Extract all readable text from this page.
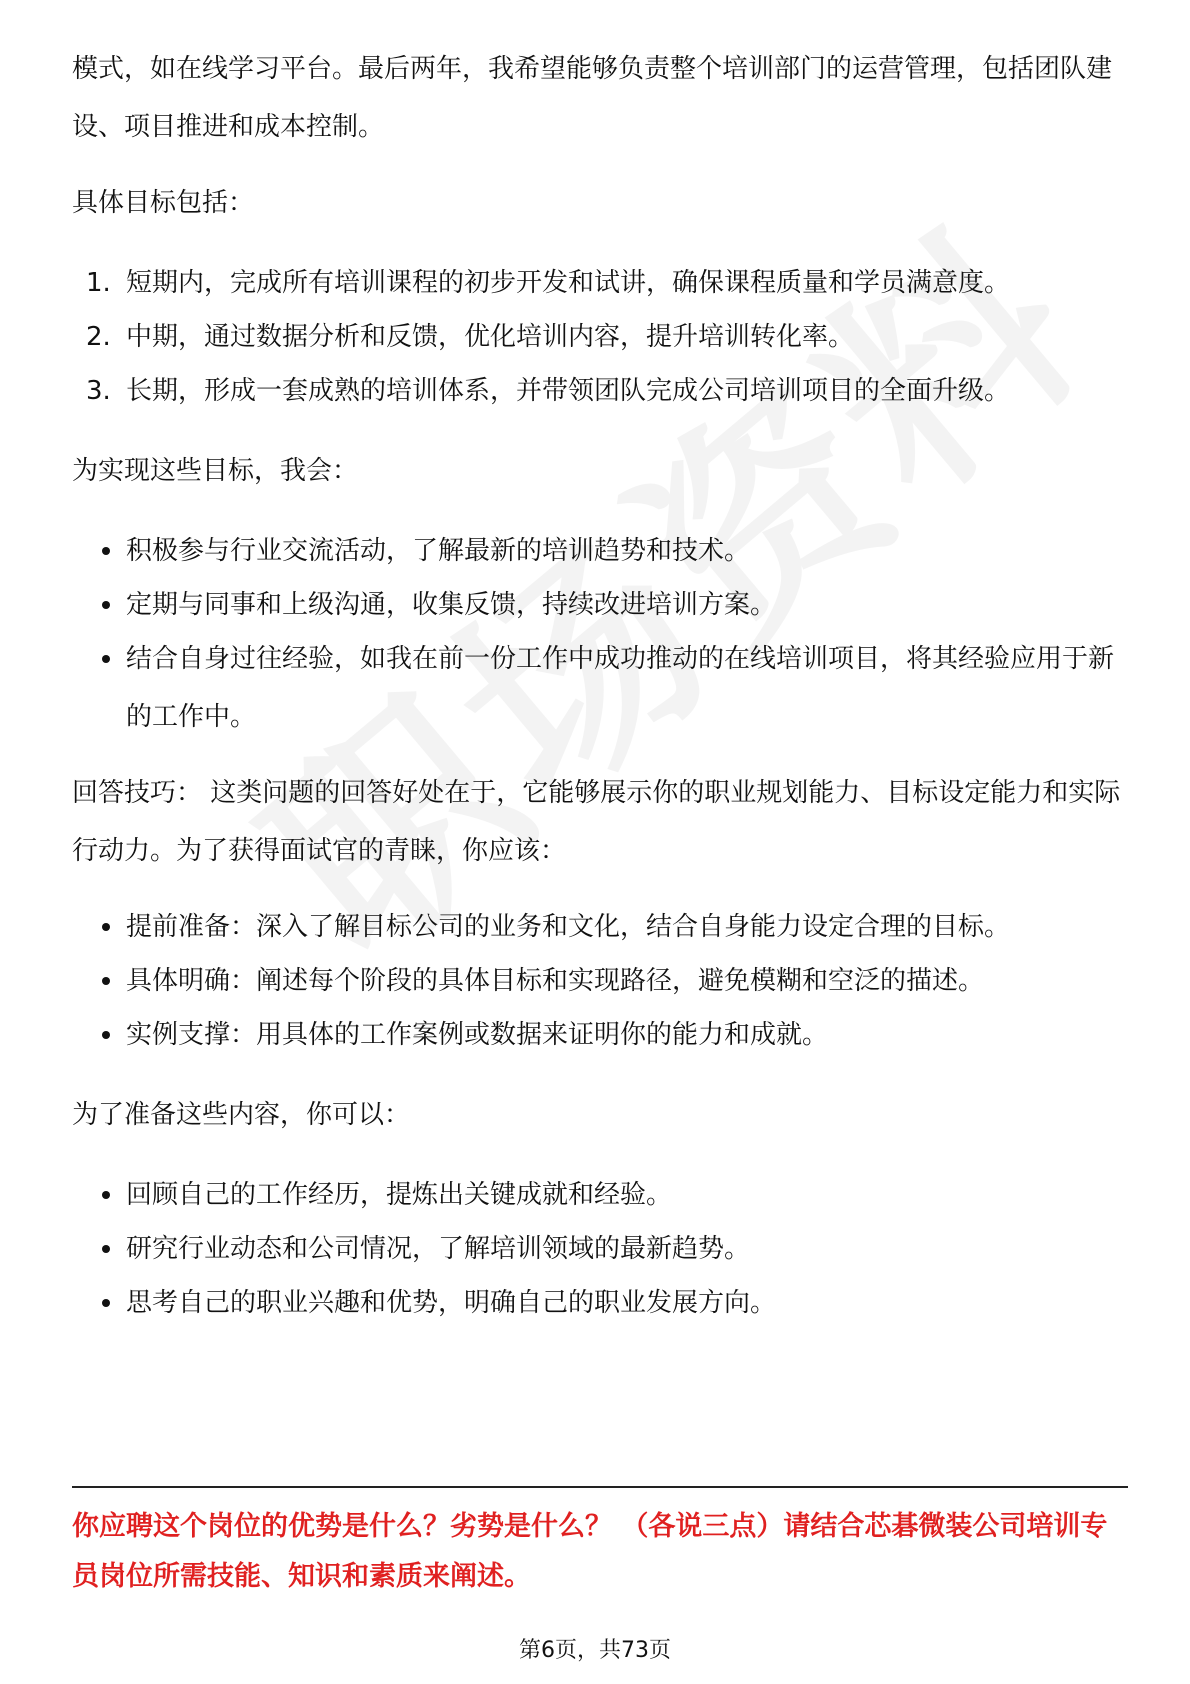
模式，如在线学习平台。最后两年，我希望能够负责整个培训部门的运营管理，包括团队建设、项目推进和成本控制。

具体目标包括：

1. 短期内，完成所有培训课程的初步开发和试讲，确保课程质量和学员满意度。
2. 中期，通过数据分析和反馈，优化培训内容，提升培训转化率。
3. 长期，形成一套成熟的培训体系，并带领团队完成公司培训项目的全面升级。

为实现这些目标，我会：

积极参与行业交流活动，了解最新的培训趋势和技术。
定期与同事和上级沟通，收集反馈，持续改进培训方案。
结合自身过往经验，如我在前一份工作中成功推动的在线培训项目，将其经验应用于新的工作中。

回答技巧： 这类问题的回答好处在于，它能够展示你的职业规划能力、目标设定能力和实际行动力。为了获得面试官的青睐，你应该：

提前准备：深入了解目标公司的业务和文化，结合自身能力设定合理的目标。
具体明确：阐述每个阶段的具体目标和实现路径，避免模糊和空泛的描述。
实例支撑：用具体的工作案例或数据来证明你的能力和成就。

为了准备这些内容，你可以：

回顾自己的工作经历，提炼出关键成就和经验。
研究行业动态和公司情况，了解培训领域的最新趋势。
思考自己的职业兴趣和优势，明确自己的职业发展方向。
你应聘这个岗位的优势是什么？劣势是什么？ （各说三点）请结合芯碁微装公司培训专员岗位所需技能、知识和素质来阐述。
第6页，共73页
